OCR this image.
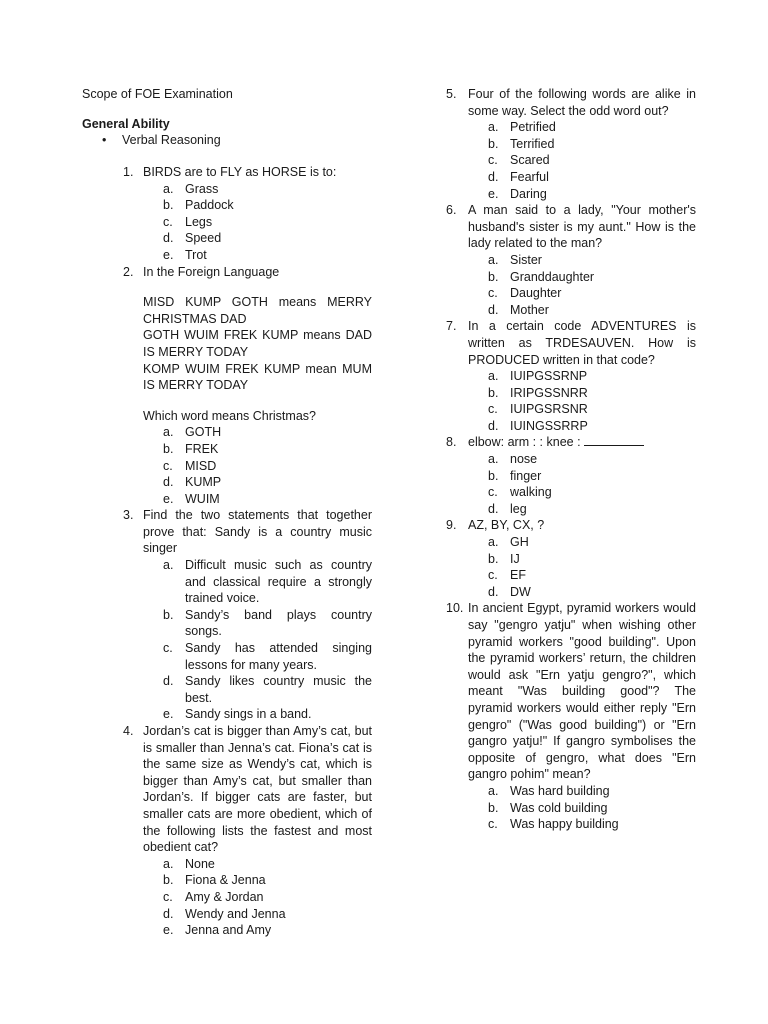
Scope of FOE Examination

General Ability

• Verbal Reasoning
1. BIRDS are to FLY as HORSE is to:
a. Grass
b. Paddock
c. Legs
d. Speed
e. Trot
2. In the Foreign Language

MISD KUMP GOTH means MERRY CHRISTMAS DAD

GOTH WUIM FREK KUMP means DAD IS MERRY TODAY

KOMP WUIM FREK KUMP mean MUM IS MERRY TODAY

Which word means Christmas?

a. GOTH
b. FREK
c. MISD
d. KUMP
e. WUIM
3. Find the two statements that together prove that: Sandy is a country music singer
a. Difficult music such as country and classical require a strongly trained voice.
b. Sandy’s band plays country songs.
c. Sandy has attended singing lessons for many years.
d. Sandy likes country music the best.
e. Sandy sings in a band.
4. Jordan’s cat is bigger than Amy’s cat, but is smaller than Jenna’s cat. Fiona’s cat is the same size as Wendy’s cat, which is bigger than Amy’s cat, but smaller than Jordan’s. If bigger cats are faster, but smaller cats are more obedient, which of the following lists the fastest and most obedient cat?
a. None
b. Fiona & Jenna
c. Amy & Jordan
d. Wendy and Jenna
e. Jenna and Amy
5. Four of the following words are alike in some way. Select the odd word out?
a. Petrified
b. Terrified
c. Scared
d. Fearful
e. Daring
6. A man said to a lady, "Your mother's husband's sister is my aunt." How is the lady related to the man?
a. Sister
b. Granddaughter
c. Daughter
d. Mother
7. In a certain code ADVENTURES is written as TRDESAUVEN. How is PRODUCED written in that code?
a. IUIPGSSRNP
b. IRIPGSSNRR
c. IUIPGSRSNR
d. IUINGSSRRP
8. elbow: arm : : knee :
a. nose
b. finger
c. walking
d. leg
9. AZ, BY, CX, ?
a. GH
b. IJ
c. EF
d. DW
10. In ancient Egypt, pyramid workers would say "gengro yatju" when wishing other pyramid workers "good building". Upon the pyramid workers’ return, the children would ask "Ern yatju gengro?", which meant "Was building good"? The pyramid workers would either reply "Ern gengro" ("Was good building") or "Ern gangro yatju!" If gangro symbolises the opposite of gengro, what does "Ern gangro pohim" mean?
a. Was hard building
b. Was cold building
c. Was happy building
